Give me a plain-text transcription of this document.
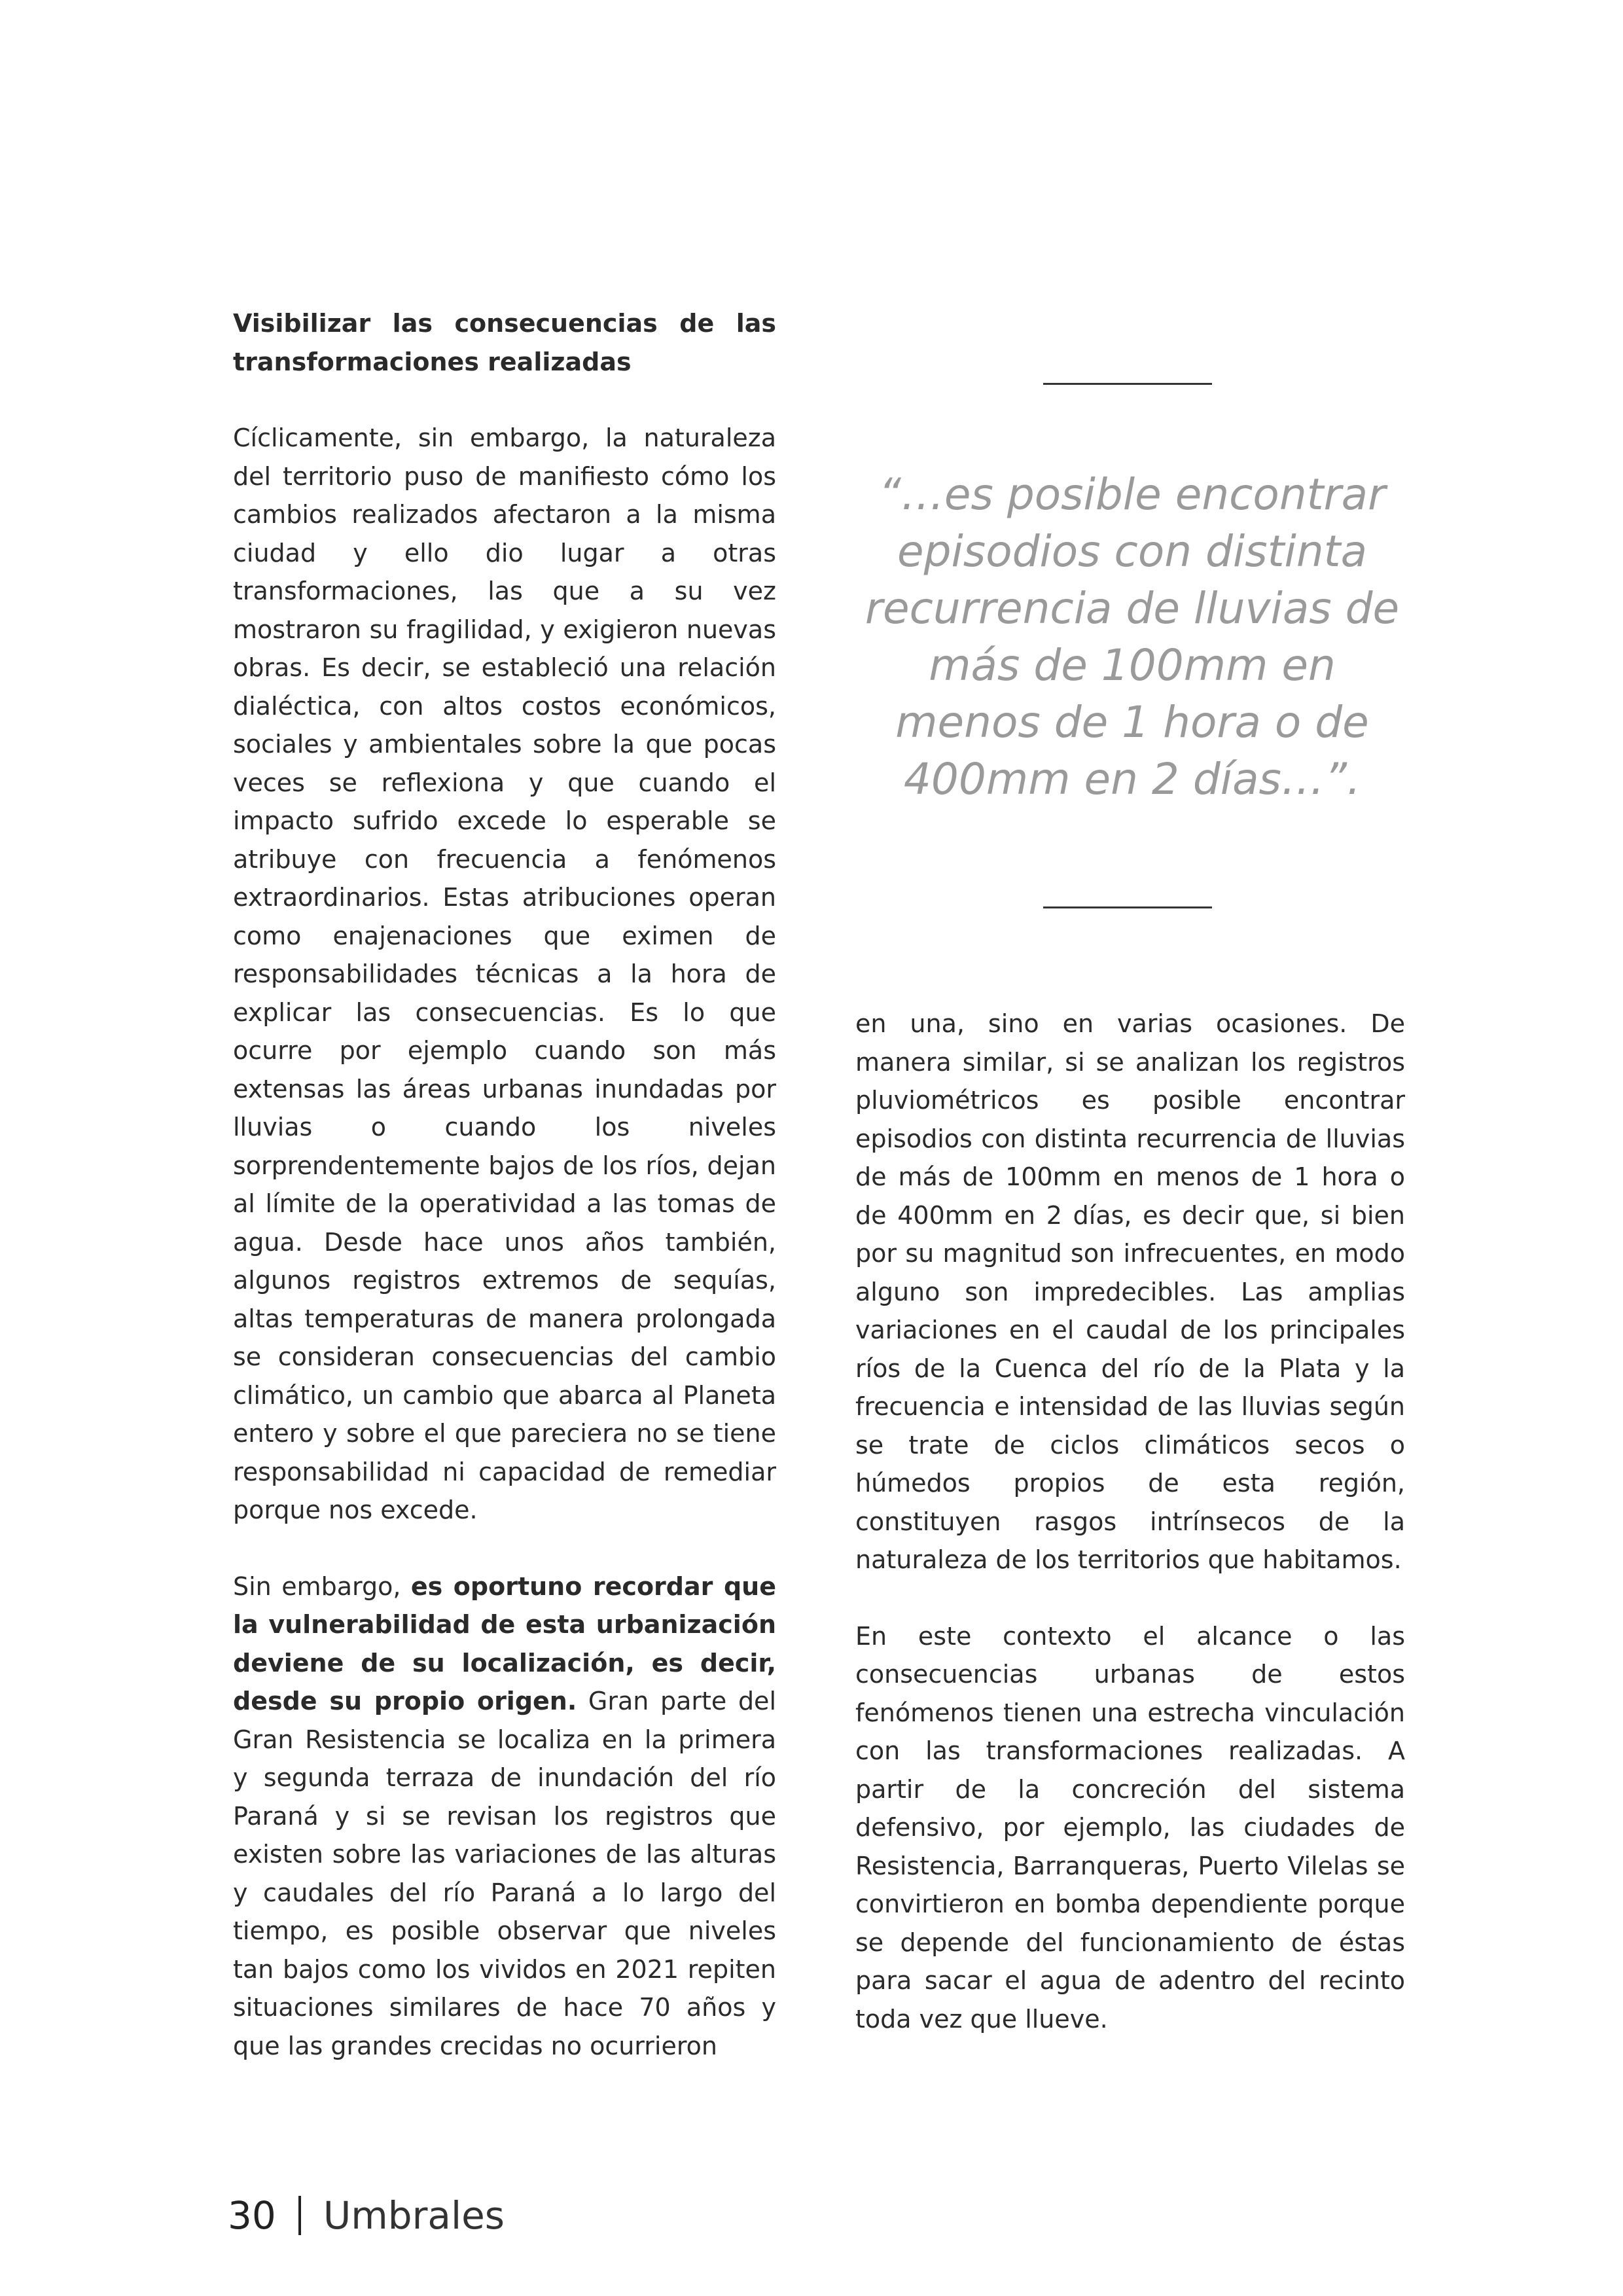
Visibilizar las consecuencias de las transformaciones realizadas

Cíclicamente, sin embargo, la naturaleza del territorio puso de manifiesto cómo los cambios realizados afectaron a la misma ciudad y ello dio lugar a otras transformaciones, las que a su vez mostraron su fragilidad, y exigieron nuevas obras. Es decir, se estableció una relación dialéctica, con altos costos económicos, sociales y ambientales sobre la que pocas veces se reflexiona y que cuando el impacto sufrido excede lo esperable se atribuye con frecuencia a fenómenos extraordinarios. Estas atribuciones operan como enajenaciones que eximen de responsabilidades técnicas a la hora de explicar las consecuencias. Es lo que ocurre por ejemplo cuando son más extensas las áreas urbanas inundadas por lluvias o cuando los niveles sorprendentemente bajos de los ríos, dejan al límite de la operatividad a las tomas de agua. Desde hace unos años también, algunos registros extremos de sequías, altas temperaturas de manera prolongada se consideran consecuencias del cambio climático, un cambio que abarca al Planeta entero y sobre el que pareciera no se tiene responsabilidad ni capacidad de remediar porque nos excede.

Sin embargo, es oportuno recordar que la vulnerabilidad de esta urbanización deviene de su localización, es decir, desde su propio origen. Gran parte del Gran Resistencia se localiza en la primera y segunda terraza de inundación del río Paraná y si se revisan los registros que existen sobre las variaciones de las alturas y caudales del río Paraná a lo largo del tiempo, es posible observar que niveles tan bajos como los vividos en 2021 repiten situaciones similares de hace 70 años y que las grandes crecidas no ocurrieron

“…es posible encontrar episodios con distinta recurrencia de lluvias de más de 100mm en menos de 1 hora o de 400mm en 2 días…”.

en una, sino en varias ocasiones. De manera similar, si se analizan los registros pluviométricos es posible encontrar episodios con distinta recurrencia de lluvias de más de 100mm en menos de 1 hora o de 400mm en 2 días, es decir que, si bien por su magnitud son infrecuentes, en modo alguno son impredecibles. Las amplias variaciones en el caudal de los principales ríos de la Cuenca del río de la Plata y la frecuencia e intensidad de las lluvias según se trate de ciclos climáticos secos o húmedos propios de esta región, constituyen rasgos intrínsecos de la naturaleza de los territorios que habitamos.

En este contexto el alcance o las consecuencias urbanas de estos fenómenos tienen una estrecha vinculación con las transformaciones realizadas. A partir de la concreción del sistema defensivo, por ejemplo, las ciudades de Resistencia, Barranqueras, Puerto Vilelas se convirtieron en bomba dependiente porque se depende del funcionamiento de éstas para sacar el agua de adentro del recinto toda vez que llueve.

30 Umbrales
